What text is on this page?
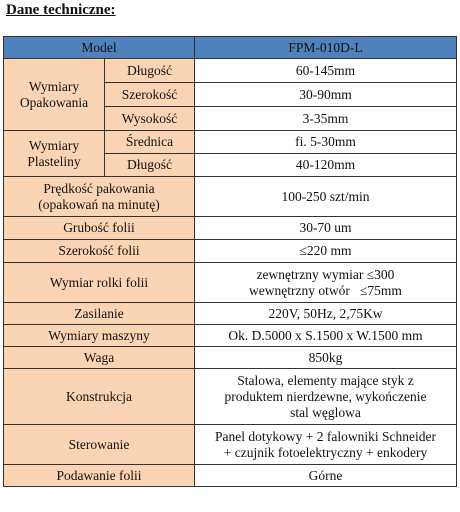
Dane techniczne:
Model		FPM-010D-L
Wymiary Opakowania	Długość	60-145mm
	Szerokość	30-90mm
	Wysokość	3-35mm
Wymiary Plasteliny	Średnica	fi. 5-30mm
	Długość	40-120mm

Prędkość pakowania
(opakowań na minutę)		100-250 szt/min
Grubość folii		30-70 um
Szerokość folii		≤220 mm
Wymiar rolki folii		zewnętrzny wymiar ≤300
wewnętrzny otwór   ≤75mm

Zasilanie		220V, 50Hz, 2,75Kw
Wymiary maszyny		Ok. D.5000 x S.1500 x W.1500 mm
Waga		850kg
Konstrukcja		Stalowa, elementy mające styk z
produktem nierdzewne, wykończenie
stal węglowa

Sterowanie		Panel dotykowy + 2 falowniki Schneider
+ czujnik fotoelektryczny + enkodery

Podawanie folii		Górne
